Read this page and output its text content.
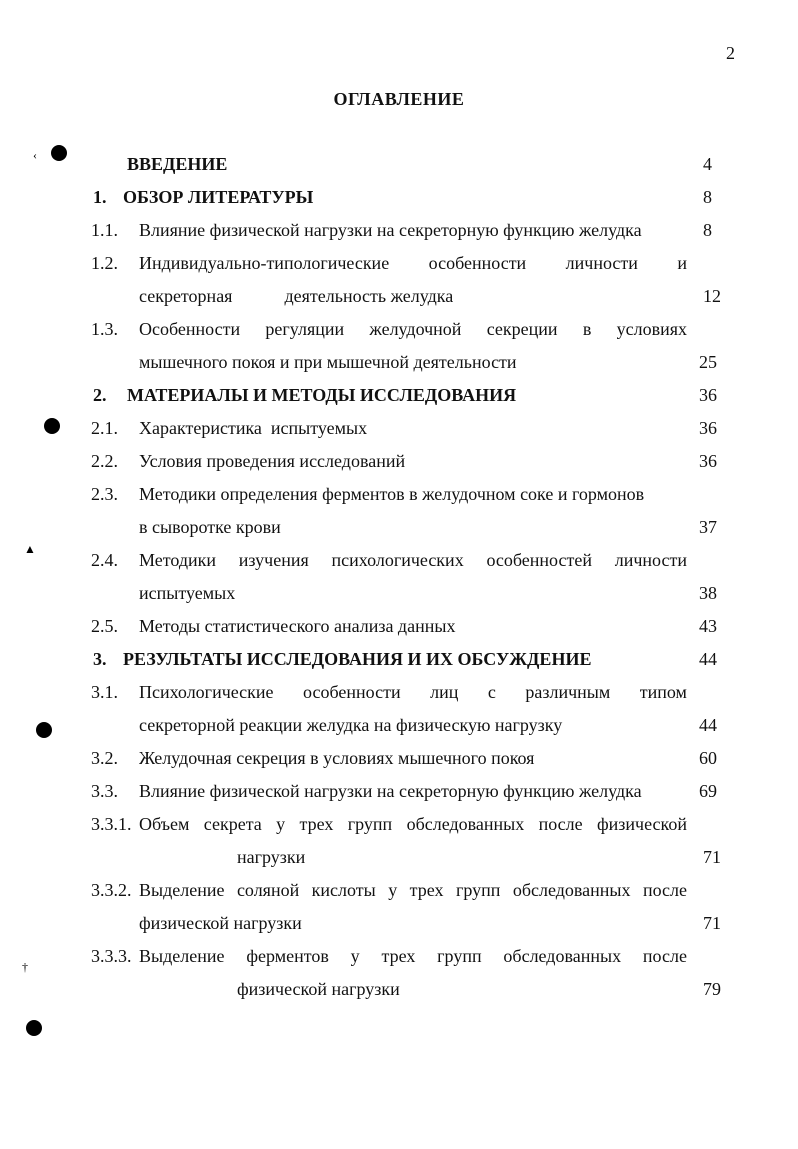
2
ОГЛАВЛЕНИЕ
‹
▲
†
ВВЕДЕНИЕ	4
1. ОБЗОР ЛИТЕРАТУРЫ	8
1.1. Влияние физической нагрузки на секреторную функцию желудка	8
1.2. Индивидуально-типологические особенности личности и
секреторная	деятельность желудка	12
1.3. Особенности регуляции желудочной секреции в условиях
мышечного покоя и при мышечной деятельности	25
2. МАТЕРИАЛЫ И МЕТОДЫ ИССЛЕДОВАНИЯ	36
2.1. Характеристика  испытуемых	36
2.2. Условия проведения исследований	36
2.3. Методики определения ферментов в желудочном соке и гормонов
в сыворотке крови	37
2.4. Методики изучения психологических особенностей личности
испытуемых	38
2.5. Методы статистического анализа данных	43
3. РЕЗУЛЬТАТЫ ИССЛЕДОВАНИЯ И ИХ ОБСУЖДЕНИЕ	44
3.1. Психологические особенности лиц с различным типом
секреторной реакции желудка на физическую нагрузку	44
3.2. Желудочная секреция в условиях мышечного покоя	60
3.3. Влияние физической нагрузки на секреторную функцию желудка	69
3.3.1. Объем секрета у трех групп обследованных после физической
нагрузки	71
3.3.2. Выделение соляной кислоты у трех групп обследованных после
физической нагрузки	71
3.3.3. Выделение ферментов у трех групп обследованных после
физической нагрузки	79
